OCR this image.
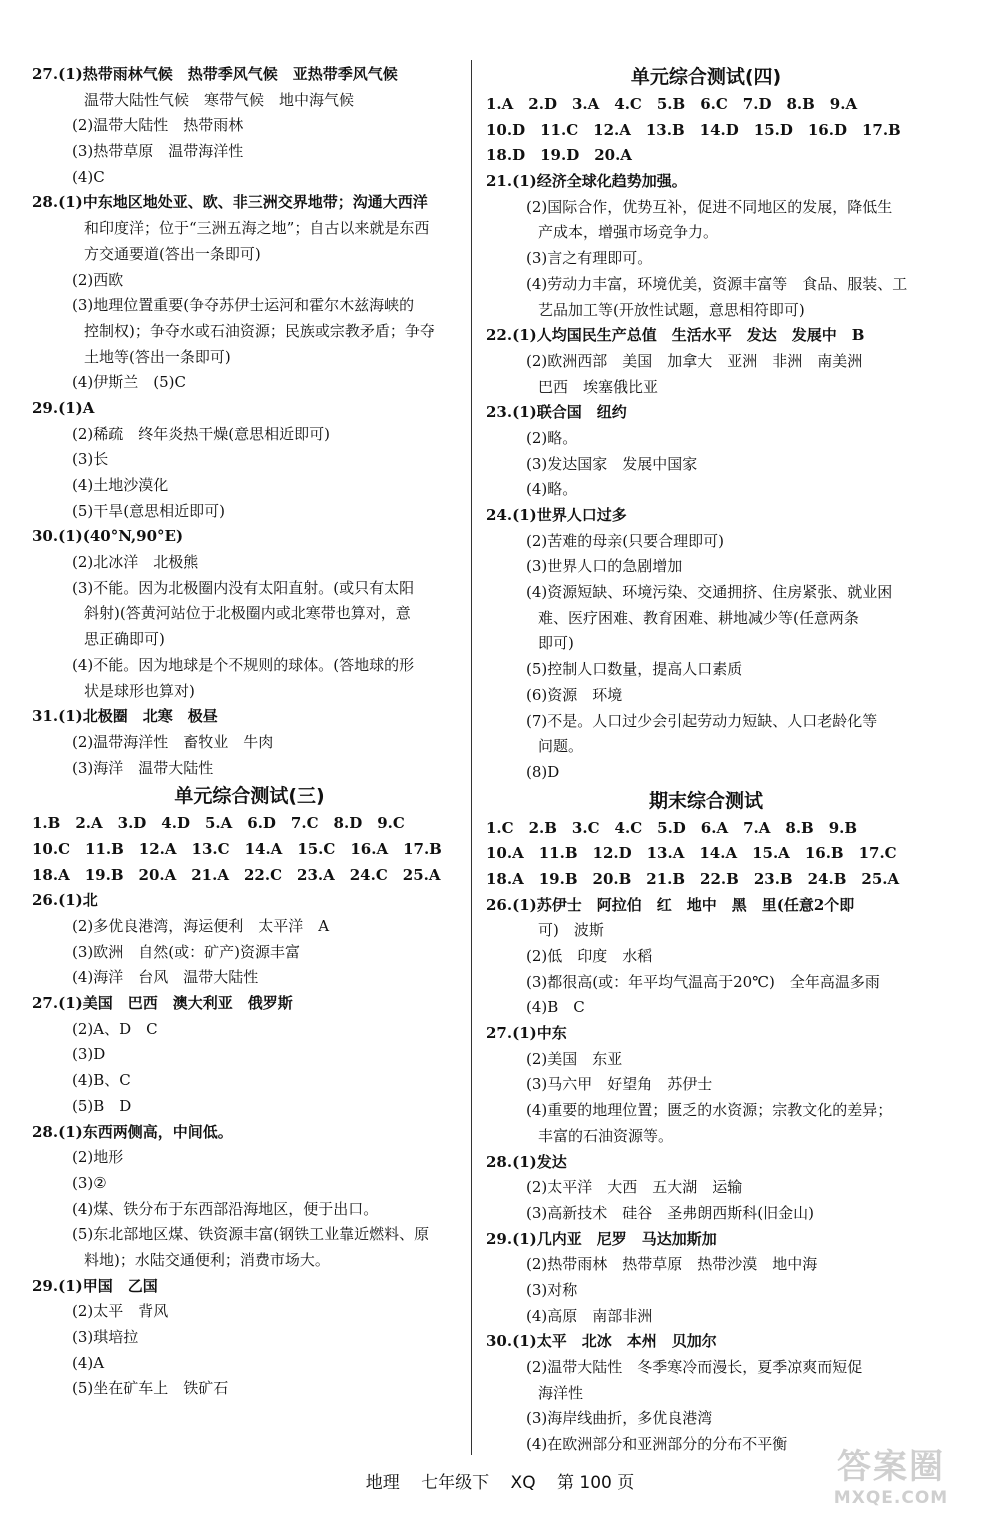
27.(1)热带雨林气候　热带季风气候　亚热带季风气候
温带大陆性气候　寒带气候　地中海气候
(2)温带大陆性　热带雨林
(3)热带草原　温带海洋性
(4)C
28.(1)中东地区地处亚、欧、非三洲交界地带；沟通大西洋
和印度洋；位于“三洲五海之地”；自古以来就是东西
方交通要道(答出一条即可)
(2)西欧
(3)地理位置重要(争夺苏伊士运河和霍尔木兹海峡的
控制权)；争夺水或石油资源；民族或宗教矛盾；争夺
土地等(答出一条即可)
(4)伊斯兰　(5)C
29.(1)A
(2)稀疏　终年炎热干燥(意思相近即可)
(3)长
(4)土地沙漠化
(5)干旱(意思相近即可)
30.(1)(40°N,90°E)
(2)北冰洋　北极熊
(3)不能。因为北极圈内没有太阳直射。(或只有太阳
斜射)(答黄河站位于北极圈内或北寒带也算对，意
思正确即可)
(4)不能。因为地球是个不规则的球体。(答地球的形
状是球形也算对)
31.(1)北极圈　北寒　极昼
(2)温带海洋性　畜牧业　牛肉
(3)海洋　温带大陆性
单元综合测试(三)
1.B　2.A　3.D　4.D　5.A　6.D　7.C　8.D　9.C
10.C　11.B　12.A　13.C　14.A　15.C　16.A　17.B
18.A　19.B　20.A　21.A　22.C　23.A　24.C　25.A
26.(1)北
(2)多优良港湾，海运便利　太平洋　A
(3)欧洲　自然(或：矿产)资源丰富
(4)海洋　台风　温带大陆性
27.(1)美国　巴西　澳大利亚　俄罗斯
(2)A、D　C
(3)D
(4)B、C
(5)B　D
28.(1)东西两侧高，中间低。
(2)地形
(3)②
(4)煤、铁分布于东西部沿海地区，便于出口。
(5)东北部地区煤、铁资源丰富(钢铁工业靠近燃料、原
料地)；水陆交通便利；消费市场大。
29.(1)甲国　乙国
(2)太平　背风
(3)琪培拉
(4)A
(5)坐在矿车上　铁矿石
单元综合测试(四)
1.A　2.D　3.A　4.C　5.B　6.C　7.D　8.B　9.A
10.D　11.C　12.A　13.B　14.D　15.D　16.D　17.B
18.D　19.D　20.A
21.(1)经济全球化趋势加强。
(2)国际合作，优势互补，促进不同地区的发展，降低生
产成本，增强市场竞争力。
(3)言之有理即可。
(4)劳动力丰富，环境优美，资源丰富等　食品、服装、工
艺品加工等(开放性试题，意思相符即可)
22.(1)人均国民生产总值　生活水平　发达　发展中　B
(2)欧洲西部　美国　加拿大　亚洲　非洲　南美洲
巴西　埃塞俄比亚
23.(1)联合国　纽约
(2)略。
(3)发达国家　发展中国家
(4)略。
24.(1)世界人口过多
(2)苦难的母亲(只要合理即可)
(3)世界人口的急剧增加
(4)资源短缺、环境污染、交通拥挤、住房紧张、就业困
难、医疗困难、教育困难、耕地减少等(任意两条
即可)
(5)控制人口数量，提高人口素质
(6)资源　环境
(7)不是。人口过少会引起劳动力短缺、人口老龄化等
问题。
(8)D
期末综合测试
1.C　2.B　3.C　4.C　5.D　6.A　7.A　8.B　9.B
10.A　11.B　12.D　13.A　14.A　15.A　16.B　17.C
18.A　19.B　20.B　21.B　22.B　23.B　24.B　25.A
26.(1)苏伊士　阿拉伯　红　地中　黑　里(任意2个即
可)　波斯
(2)低　印度　水稻
(3)都很高(或：年平均气温高于20℃)　全年高温多雨
(4)B　C
27.(1)中东
(2)美国　东亚
(3)马六甲　好望角　苏伊士
(4)重要的地理位置；匮乏的水资源；宗教文化的差异；
丰富的石油资源等。
28.(1)发达
(2)太平洋　大西　五大湖　运输
(3)高新技术　硅谷　圣弗朗西斯科(旧金山)
29.(1)几内亚　尼罗　马达加斯加
(2)热带雨林　热带草原　热带沙漠　地中海
(3)对称
(4)高原　南部非洲
30.(1)太平　北冰　本州　贝加尔
(2)温带大陆性　冬季寒冷而漫长，夏季凉爽而短促
海洋性
(3)海岸线曲折，多优良港湾
(4)在欧洲部分和亚洲部分的分布不平衡
地理 七年级下 XQ 第 100 页	答案圈
MXQE.COM
